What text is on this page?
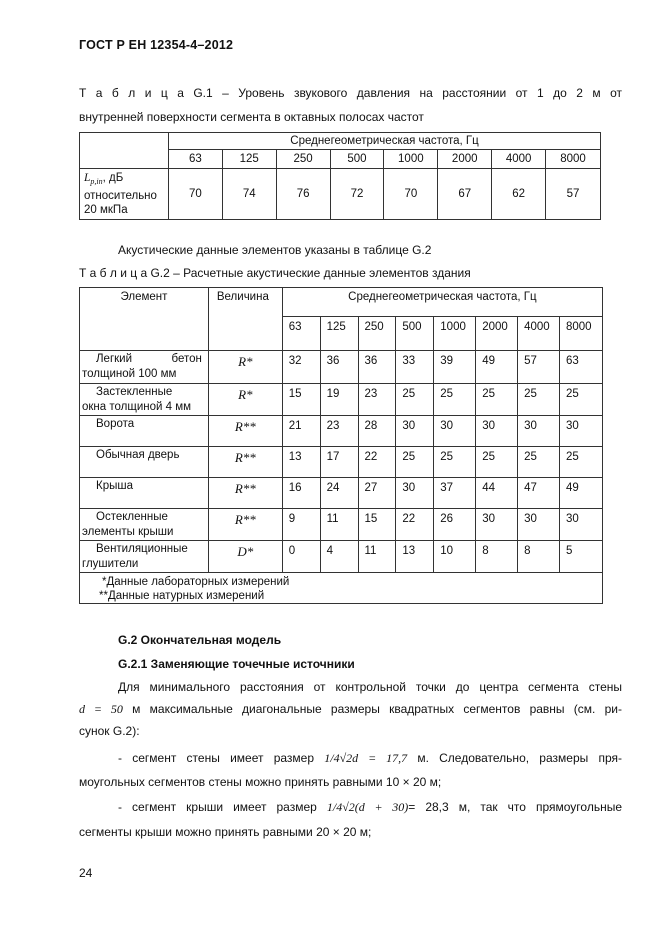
ГОСТ Р ЕН 12354-4–2012
Т а б л и ц а G.1 – Уровень звукового давления на расстоянии от 1 до 2 м от
внутренней поверхности сегмента в октавных полосах частот
	Среднегеометрическая частота, Гц							
	63	125	250	500	1000	2000	4000	8000
$L_{p,in}$, дБ
относительно
20 мкПа	70	74	76	72	70	67	62	57
Акустические данные элементов указаны в таблице G.2
Т а б л и ц а G.2 – Расчетные акустические данные элементов здания
Элемент	Величина	Среднегеометрическая частота, Гц							
		63	125	250	500	1000	2000	4000	8000

Легкий бетон
толщиной 100 мм	R*	32	36	36	33	39	49	57	63

Застекленные
окна толщиной 4 мм	R*	15	19	23	25	25	25	25	25

Ворота	R**	21	23	28	30	30	30	30	30

Обычная дверь	R**	13	17	22	25	25	25	25	25

Крыша	R**	16	24	27	30	37	44	47	49

Остекленные
элементы крыши	R**	9	11	15	22	26	30	30	30

Вентиляционные
глушители	D*	0	4	11	13	10	8	8	5

*Данные лабораторных измерений
**Данные натурных измерений									
G.2 Окончательная модель
G.2.1 Заменяющие точечные источники
Для минимального расстояния от контрольной точки до центра сегмента стены
d = 50 м максимальные диагональные размеры квадратных сегментов равны (см. ри-
сунок G.2):
- сегмент стены имеет размер 1/4√2d = 17,7 м. Следовательно, размеры пря-
моугольных сегментов стены можно принять равными 10 × 20 м;
- сегмент крыши имеет размер 1/4√2(d + 30)= 28,3 м, так что прямоугольные
сегменты крыши можно принять равными 20 × 20 м;
24
